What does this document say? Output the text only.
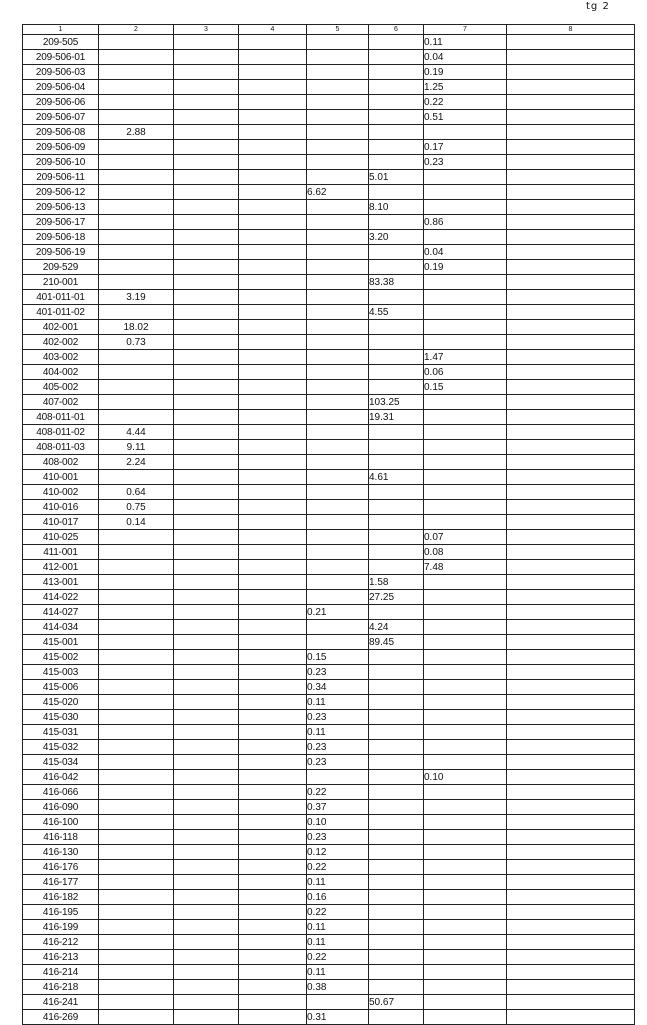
tg 2
1	2	3	4	5	6	7	8
209-505						0.11	
209-506-01						0.04	
209-506-03						0.19	
209-506-04						1.25	
209-506-06						0.22	
209-506-07						0.51	
209-506-08	2.88						
209-506-09						0.17	
209-506-10						0.23	
209-506-11					5.01		
209-506-12				6.62			
209-506-13					8.10		
209-506-17						0.86	
209-506-18					3.20		
209-506-19						0.04	
209-529						0.19	
210-001					83.38		
401-011-01	3.19						
401-011-02					4.55		
402-001	18.02						
402-002	0.73						
403-002						1.47	
404-002						0.06	
405-002						0.15	
407-002					103.25		
408-011-01					19.31		
408-011-02	4.44						
408-011-03	9.11						
408-002	2.24						
410-001					4.61		
410-002	0.64						
410-016	0.75						
410-017	0.14						
410-025						0.07	
411-001						0.08	
412-001						7.48	
413-001					1.58		
414-022					27.25		
414-027				0.21			
414-034					4.24		
415-001					89.45		
415-002				0.15			
415-003				0.23			
415-006				0.34			
415-020				0.11			
415-030				0.23			
415-031				0.11			
415-032				0.23			
415-034				0.23			
416-042						0.10	
416-066				0.22			
416-090				0.37			
416-100				0.10			
416-118				0.23			
416-130				0.12			
416-176				0.22			
416-177				0.11			
416-182				0.16			
416-195				0.22			
416-199				0.11			
416-212				0.11			
416-213				0.22			
416-214				0.11			
416-218				0.38			
416-241					50.67		
416-269				0.31			
